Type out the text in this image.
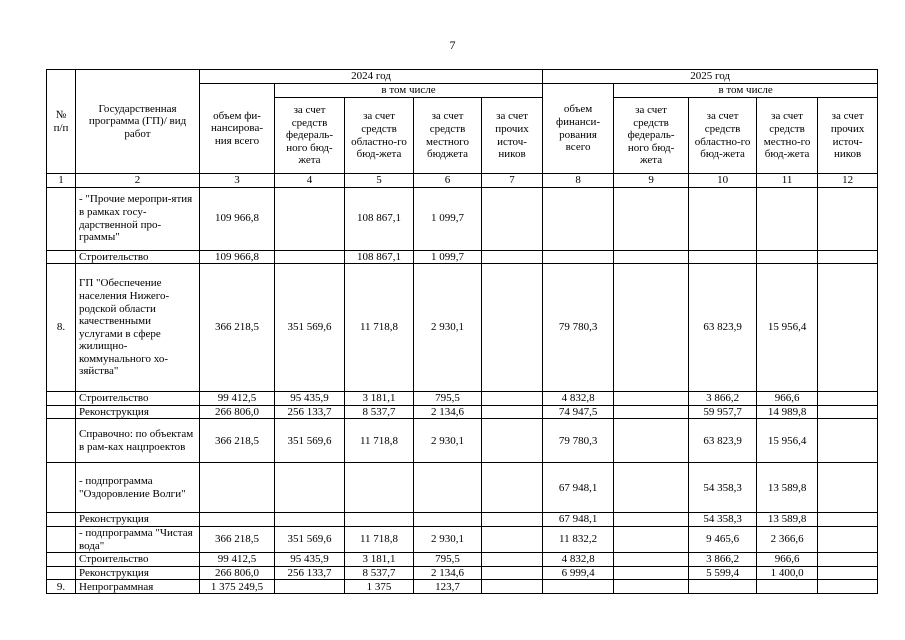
7
№ п/п	Государственная программа (ГП)/ вид работ	2024 год					2025 год				
		объем фи-нансирова-ния всего	в том числе				объем финанси-рования всего	в том числе			
			за счет средств федераль-ного бюд-жета	за счет средств областно-го бюд-жета	за счет средств местного бюджета	за счет прочих источ-ников		за счет средств федераль-ного бюд-жета	за счет средств областно-го бюд-жета	за счет средств местно-го бюд-жета	за счет прочих источ-ников
1	2	3	4	5	6	7	8	9	10	11	12
	- "Прочие меропри-ятия в рамках госу-дарственной про-граммы"	109 966,8		108 867,1	1 099,7						
	Строительство	109 966,8		108 867,1	1 099,7						
8.	ГП "Обеспечение населения Нижего-родской области качественными услугами в сфере жилищно-коммунального хо-зяйства"	366 218,5	351 569,6	11 718,8	2 930,1		79 780,3		63 823,9	15 956,4	
	Строительство	99 412,5	95 435,9	3 181,1	795,5		4 832,8		3 866,2	966,6	
	Реконструкция	266 806,0	256 133,7	8 537,7	2 134,6		74 947,5		59 957,7	14 989,8	
	Справочно: по объектам в рам-ках нацпроектов	366 218,5	351 569,6	11 718,8	2 930,1		79 780,3		63 823,9	15 956,4	
	- подпрограмма "Оздоровление Волги"						67 948,1		54 358,3	13 589,8	
	Реконструкция						67 948,1		54 358,3	13 589,8	
	- подпрограмма "Чистая вода"	366 218,5	351 569,6	11 718,8	2 930,1		11 832,2		9 465,6	2 366,6	
	Строительство	99 412,5	95 435,9	3 181,1	795,5		4 832,8		3 866,2	966,6	
	Реконструкция	266 806,0	256 133,7	8 537,7	2 134,6		6 999,4		5 599,4	1 400,0	
9.	Непрограммная	1 375 249,5		1 375	123,7						
